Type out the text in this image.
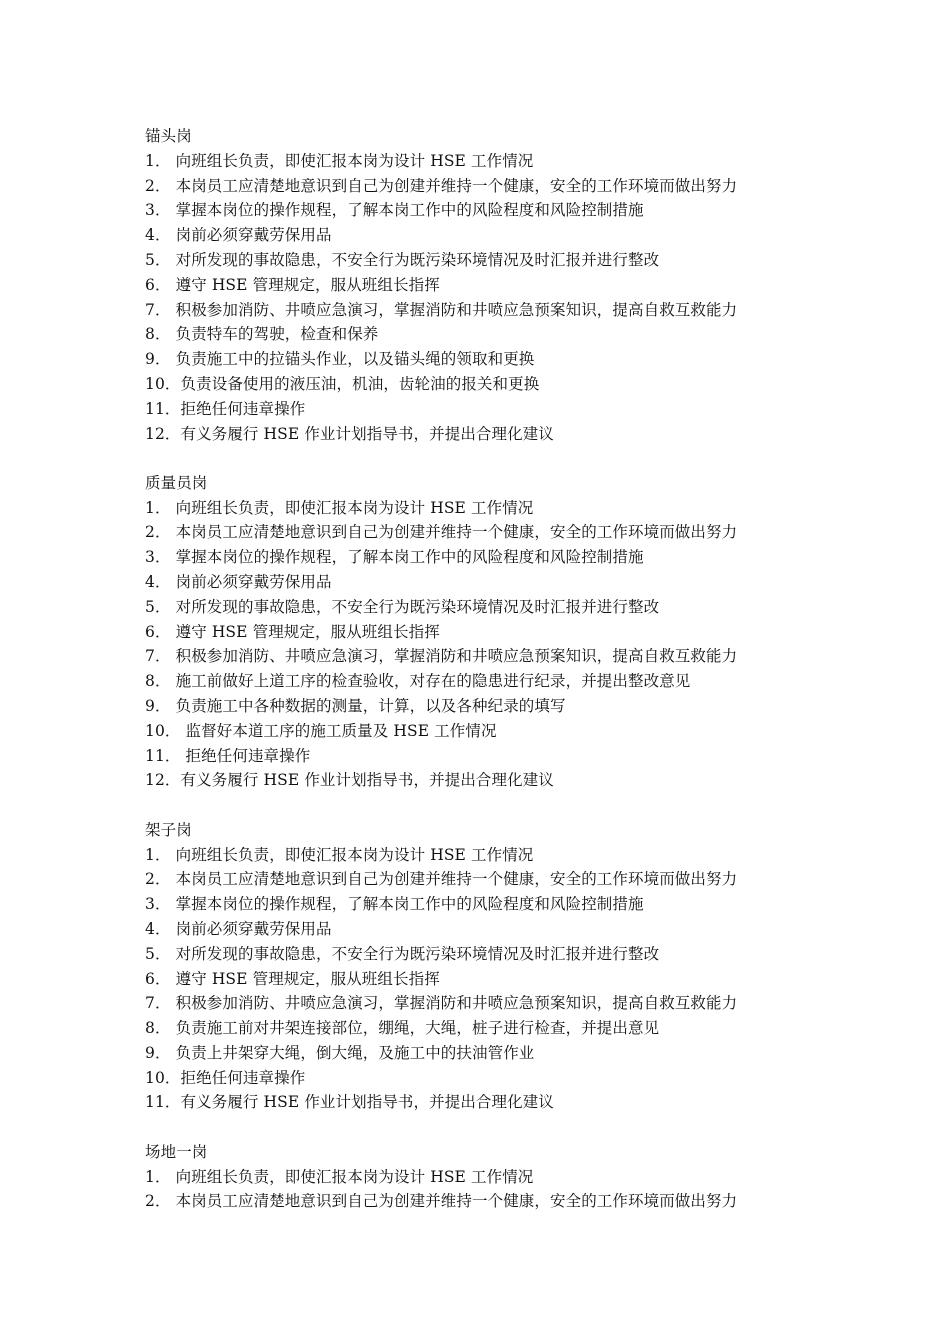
锚头岗
1． 向班组长负责，即使汇报本岗为设计 HSE 工作情况
2． 本岗员工应清楚地意识到自己为创建并维持一个健康，安全的工作环境而做出努力
3． 掌握本岗位的操作规程，了解本岗工作中的风险程度和风险控制措施
4． 岗前必须穿戴劳保用品
5． 对所发现的事故隐患，不安全行为既污染环境情况及时汇报并进行整改
6． 遵守 HSE 管理规定，服从班组长指挥
7． 积极参加消防、井喷应急演习，掌握消防和井喷应急预案知识，提高自救互救能力
8． 负责特车的驾驶，检查和保养
9． 负责施工中的拉锚头作业，以及锚头绳的领取和更换
10．负责设备使用的液压油，机油，齿轮油的报关和更换
11．拒绝任何违章操作
12．有义务履行 HSE 作业计划指导书，并提出合理化建议
质量员岗
1． 向班组长负责，即使汇报本岗为设计 HSE 工作情况
2． 本岗员工应清楚地意识到自己为创建并维持一个健康，安全的工作环境而做出努力
3． 掌握本岗位的操作规程，了解本岗工作中的风险程度和风险控制措施
4． 岗前必须穿戴劳保用品
5． 对所发现的事故隐患，不安全行为既污染环境情况及时汇报并进行整改
6． 遵守 HSE 管理规定，服从班组长指挥
7． 积极参加消防、井喷应急演习，掌握消防和井喷应急预案知识，提高自救互救能力
8． 施工前做好上道工序的检查验收，对存在的隐患进行纪录，并提出整改意见
9． 负责施工中各种数据的测量，计算，以及各种纪录的填写
10． 监督好本道工序的施工质量及 HSE 工作情况
11． 拒绝任何违章操作
12．有义务履行 HSE 作业计划指导书，并提出合理化建议
架子岗
1． 向班组长负责，即使汇报本岗为设计 HSE 工作情况
2． 本岗员工应清楚地意识到自己为创建并维持一个健康，安全的工作环境而做出努力
3． 掌握本岗位的操作规程，了解本岗工作中的风险程度和风险控制措施
4． 岗前必须穿戴劳保用品
5． 对所发现的事故隐患，不安全行为既污染环境情况及时汇报并进行整改
6． 遵守 HSE 管理规定，服从班组长指挥
7． 积极参加消防、井喷应急演习，掌握消防和井喷应急预案知识，提高自救互救能力
8． 负责施工前对井架连接部位，绷绳，大绳，桩子进行检查，并提出意见
9． 负责上井架穿大绳，倒大绳，及施工中的扶油管作业
10．拒绝任何违章操作
11．有义务履行 HSE 作业计划指导书，并提出合理化建议
场地一岗
1． 向班组长负责，即使汇报本岗为设计 HSE 工作情况
2． 本岗员工应清楚地意识到自己为创建并维持一个健康，安全的工作环境而做出努力
